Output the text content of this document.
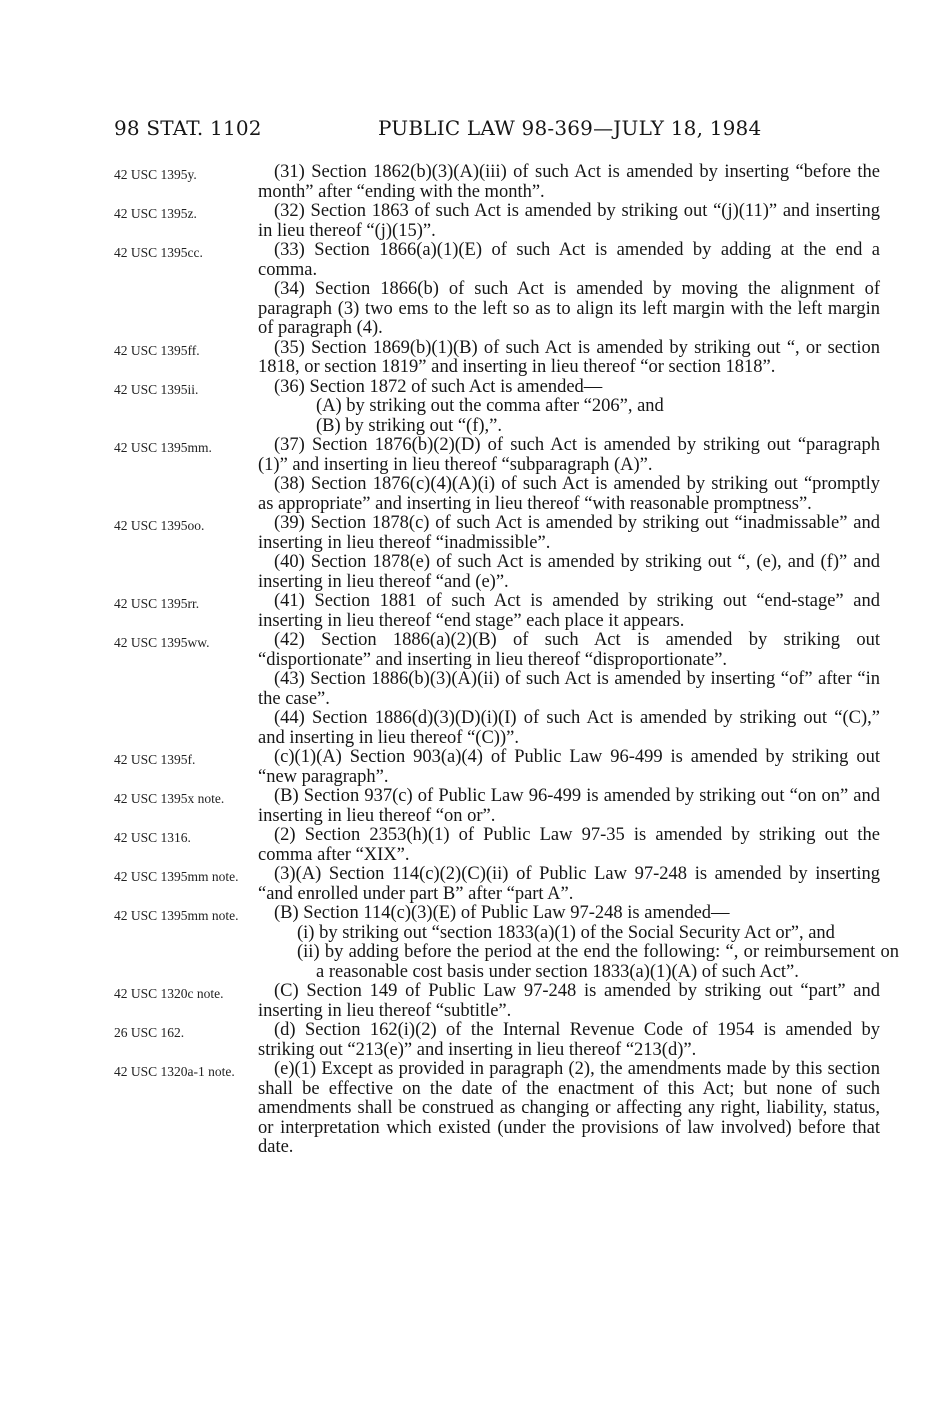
98 STAT. 1102	PUBLIC LAW 98-369—JULY 18, 1984
42 USC 1395y.	(31) Section 1862(b)(3)(A)(iii) of such Act is amended by inserting “before the month” after “ending with the month”.
42 USC 1395z.	(32) Section 1863 of such Act is amended by striking out “(j)(11)” and inserting in lieu thereof “(j)(15)”.
42 USC 1395cc.	(33) Section 1866(a)(1)(E) of such Act is amended by adding at the end a comma.
(34) Section 1866(b) of such Act is amended by moving the alignment of paragraph (3) two ems to the left so as to align its left margin with the left margin of paragraph (4).
42 USC 1395ff.	(35) Section 1869(b)(1)(B) of such Act is amended by striking out “, or section 1818, or section 1819” and inserting in lieu thereof “or section 1818”.
42 USC 1395ii.	(36) Section 1872 of such Act is amended—
(A) by striking out the comma after “206”, and
(B) by striking out “(f),”.
42 USC 1395mm.	(37) Section 1876(b)(2)(D) of such Act is amended by striking out “paragraph (1)” and inserting in lieu thereof “subparagraph (A)”.
(38) Section 1876(c)(4)(A)(i) of such Act is amended by striking out “promptly as appropriate” and inserting in lieu thereof “with reasonable promptness”.
42 USC 1395oo.	(39) Section 1878(c) of such Act is amended by striking out “inadmissable” and inserting in lieu thereof “inadmissible”.
(40) Section 1878(e) of such Act is amended by striking out “, (e), and (f)” and inserting in lieu thereof “and (e)”.
42 USC 1395rr.	(41) Section 1881 of such Act is amended by striking out “end-stage” and inserting in lieu thereof “end stage” each place it appears.
42 USC 1395ww.	(42) Section 1886(a)(2)(B) of such Act is amended by striking out “disportionate” and inserting in lieu thereof “disproportionate”.
(43) Section 1886(b)(3)(A)(ii) of such Act is amended by inserting “of” after “in the case”.
(44) Section 1886(d)(3)(D)(i)(I) of such Act is amended by striking out “(C),” and inserting in lieu thereof “(C))”.
42 USC 1395f.	(c)(1)(A) Section 903(a)(4) of Public Law 96-499 is amended by striking out “new paragraph”.
42 USC 1395x note.	(B) Section 937(c) of Public Law 96-499 is amended by striking out “on on” and inserting in lieu thereof “on or”.
42 USC 1316.	(2) Section 2353(h)(1) of Public Law 97-35 is amended by striking out the comma after “XIX”.
42 USC 1395mm note.	(3)(A) Section 114(c)(2)(C)(ii) of Public Law 97-248 is amended by inserting “and enrolled under part B” after “part A”.
42 USC 1395mm note.	(B) Section 114(c)(3)(E) of Public Law 97-248 is amended—
(i) by striking out “section 1833(a)(1) of the Social Security Act or”, and
(ii) by adding before the period at the end the following: “, or reimbursement on a reasonable cost basis under section 1833(a)(1)(A) of such Act”.
42 USC 1320c note.	(C) Section 149 of Public Law 97-248 is amended by striking out “part” and inserting in lieu thereof “subtitle”.
26 USC 162.	(d) Section 162(i)(2) of the Internal Revenue Code of 1954 is amended by striking out “213(e)” and inserting in lieu thereof “213(d)”.
42 USC 1320a-1 note.	(e)(1) Except as provided in paragraph (2), the amendments made by this section shall be effective on the date of the enactment of this Act; but none of such amendments shall be construed as changing or affecting any right, liability, status, or interpretation which existed (under the provisions of law involved) before that date.
